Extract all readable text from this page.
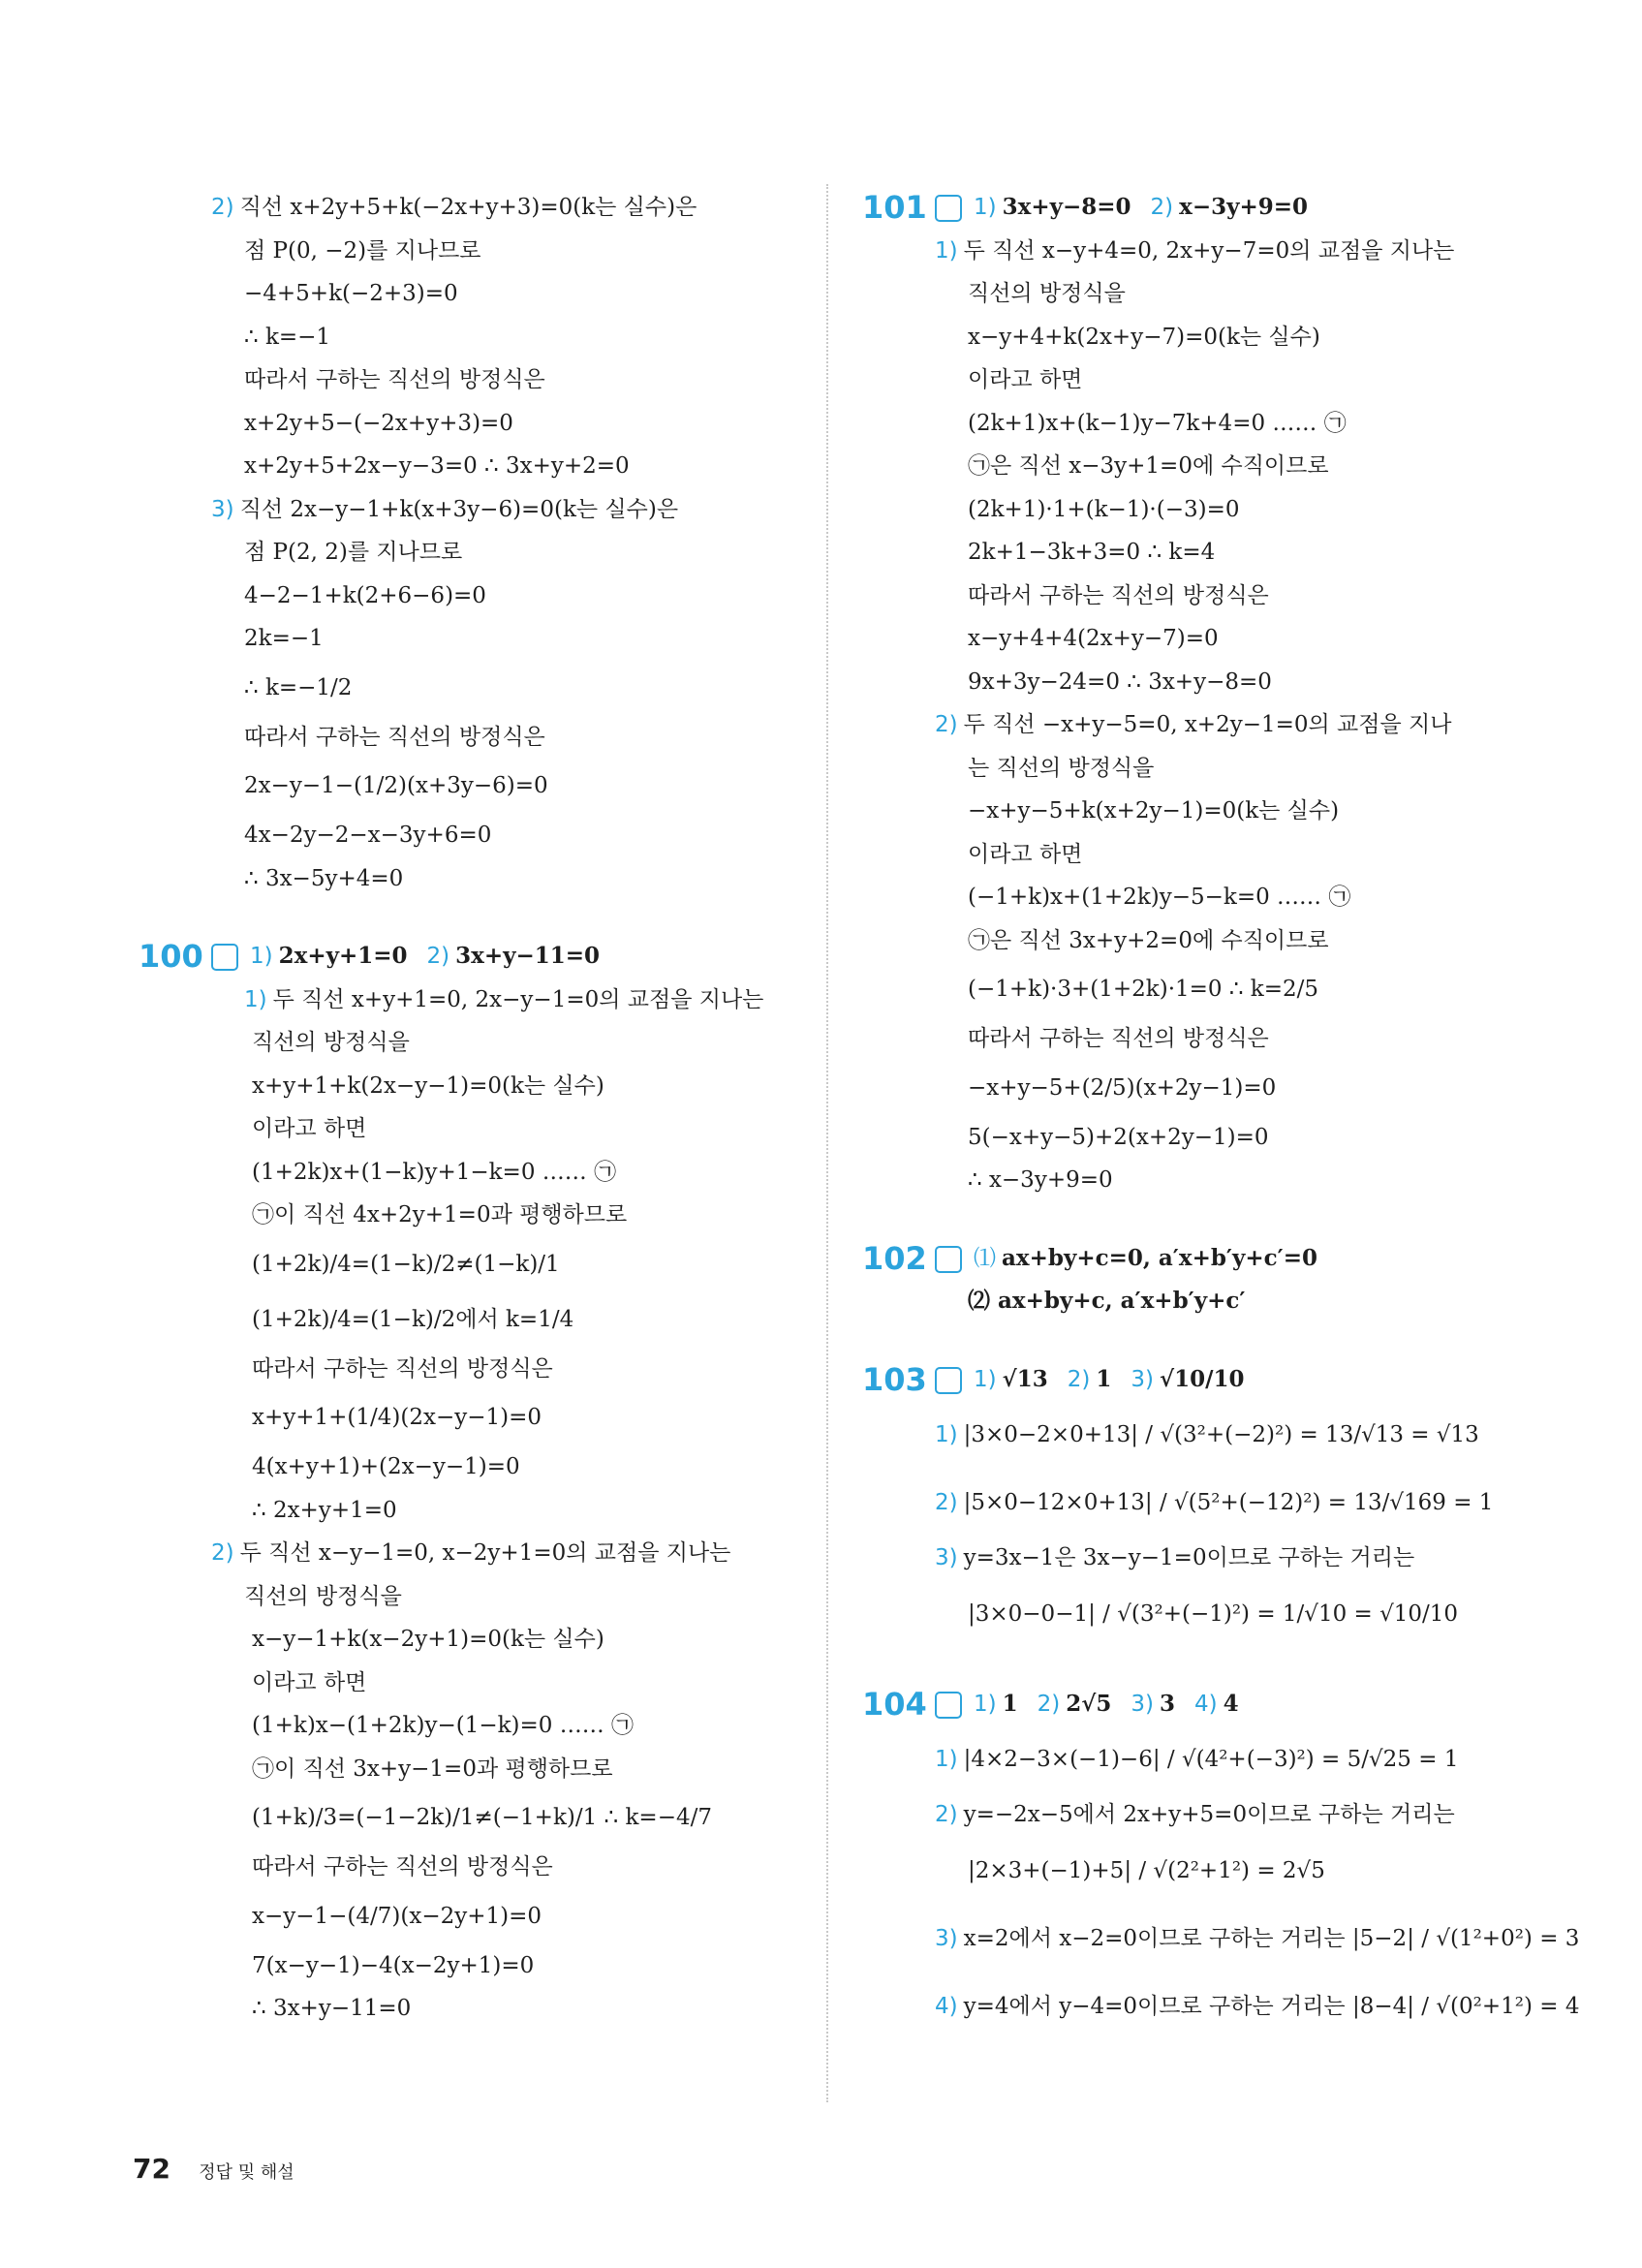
2) 직선 x+2y+5+k(−2x+y+3)=0(k는 실수)은
점 P(0, −2)를 지나므로
−4+5+k(−2+3)=0
∴ k=−1
따라서 구하는 직선의 방정식은
x+2y+5−(−2x+y+3)=0
x+2y+5+2x−y−3=0 ∴ 3x+y+2=0
3) 직선 2x−y−1+k(x+3y−6)=0(k는 실수)은
점 P(2, 2)를 지나므로
4−2−1+k(2+6−6)=0
2k=−1
∴ k=−1/2
따라서 구하는 직선의 방정식은
2x−y−1−(1/2)(x+3y−6)=0
4x−2y−2−x−3y+6=0
∴ 3x−5y+4=0
100 1) 2x+y+1=0 2) 3x+y−11=0
1) 두 직선 x+y+1=0, 2x−y−1=0의 교점을 지나는
직선의 방정식을
x+y+1+k(2x−y−1)=0(k는 실수)
이라고 하면
(1+2k)x+(1−k)y+1−k=0 …… ㉠
㉠이 직선 4x+2y+1=0과 평행하므로
(1+2k)/4=(1−k)/2≠(1−k)/1
(1+2k)/4=(1−k)/2에서 k=1/4
따라서 구하는 직선의 방정식은
x+y+1+(1/4)(2x−y−1)=0
4(x+y+1)+(2x−y−1)=0
∴ 2x+y+1=0
2) 두 직선 x−y−1=0, x−2y+1=0의 교점을 지나는
직선의 방정식을
x−y−1+k(x−2y+1)=0(k는 실수)
이라고 하면
(1+k)x−(1+2k)y−(1−k)=0 …… ㉠
㉠이 직선 3x+y−1=0과 평행하므로
(1+k)/3=(−1−2k)/1≠(−1+k)/1 ∴ k=−4/7
따라서 구하는 직선의 방정식은
x−y−1−(4/7)(x−2y+1)=0
7(x−y−1)−4(x−2y+1)=0
∴ 3x+y−11=0
101 1) 3x+y−8=0 2) x−3y+9=0
1) 두 직선 x−y+4=0, 2x+y−7=0의 교점을 지나는
직선의 방정식을
x−y+4+k(2x+y−7)=0(k는 실수)
이라고 하면
(2k+1)x+(k−1)y−7k+4=0 …… ㉠
㉠은 직선 x−3y+1=0에 수직이므로
(2k+1)·1+(k−1)·(−3)=0
2k+1−3k+3=0 ∴ k=4
따라서 구하는 직선의 방정식은
x−y+4+4(2x+y−7)=0
9x+3y−24=0 ∴ 3x+y−8=0
2) 두 직선 −x+y−5=0, x+2y−1=0의 교점을 지나
는 직선의 방정식을
−x+y−5+k(x+2y−1)=0(k는 실수)
이라고 하면
(−1+k)x+(1+2k)y−5−k=0 …… ㉠
㉠은 직선 3x+y+2=0에 수직이므로
(−1+k)·3+(1+2k)·1=0 ∴ k=2/5
따라서 구하는 직선의 방정식은
−x+y−5+(2/5)(x+2y−1)=0
5(−x+y−5)+2(x+2y−1)=0
∴ x−3y+9=0
102 ⑴ ax+by+c=0, a′x+b′y+c′=0
⑵ ax+by+c, a′x+b′y+c′
103 1) √13 2) 1 3) √10/10
1) |3×0−2×0+13| / √(3²+(−2)²) = 13/√13 = √13
2) |5×0−12×0+13| / √(5²+(−12)²) = 13/√169 = 1
3) y=3x−1은 3x−y−1=0이므로 구하는 거리는
|3×0−0−1| / √(3²+(−1)²) = 1/√10 = √10/10
104 1) 1 2) 2√5 3) 3 4) 4
1) |4×2−3×(−1)−6| / √(4²+(−3)²) = 5/√25 = 1
2) y=−2x−5에서 2x+y+5=0이므로 구하는 거리는
|2×3+(−1)+5| / √(2²+1²) = 2√5
3) x=2에서 x−2=0이므로 구하는 거리는 |5−2| / √(1²+0²) = 3
4) y=4에서 y−4=0이므로 구하는 거리는 |8−4| / √(0²+1²) = 4
72 정답 및 해설
